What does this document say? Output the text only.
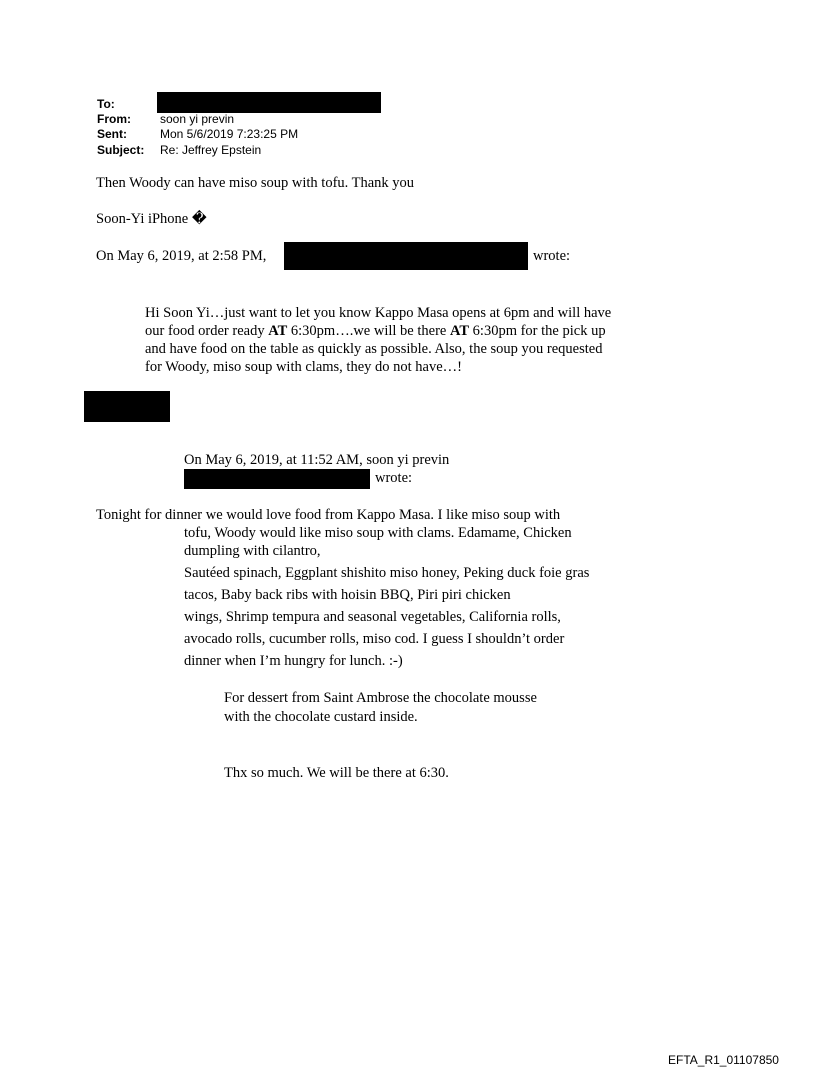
To:
From: soon yi previn
Sent:	Mon 5/6/2019 7:23:25 PM
Subject: Re: Jeffrey Epstein
Then Woody can have miso soup with tofu. Thank you
Soon-Yi iPhone �
On May 6, 2019, at 2:58 PM,	wrote:
Hi Soon Yi…just want to let you know Kappo Masa opens at 6pm and will have
our food order ready AT 6:30pm….we will be there AT 6:30pm for the pick up
and have food on the table as quickly as possible. Also, the soup you requested
for Woody, miso soup with clams, they do not have…!
On May 6, 2019, at 11:52 AM, soon yi previn
wrote:
Tonight for dinner we would love food from Kappo Masa. I like miso soup with
tofu, Woody would like miso soup with clams. Edamame, Chicken
dumpling with cilantro,
Sautéed spinach, Eggplant shishito miso honey, Peking duck foie gras
tacos, Baby back ribs with hoisin BBQ, Piri piri chicken
wings, Shrimp tempura and seasonal vegetables, California rolls,
avocado rolls, cucumber rolls, miso cod. I guess I shouldn’t order
dinner when I’m hungry for lunch. :-)
For dessert from Saint Ambrose the chocolate mousse
with the chocolate custard inside.
Thx so much. We will be there at 6:30.
EFTA_R1_01107850
